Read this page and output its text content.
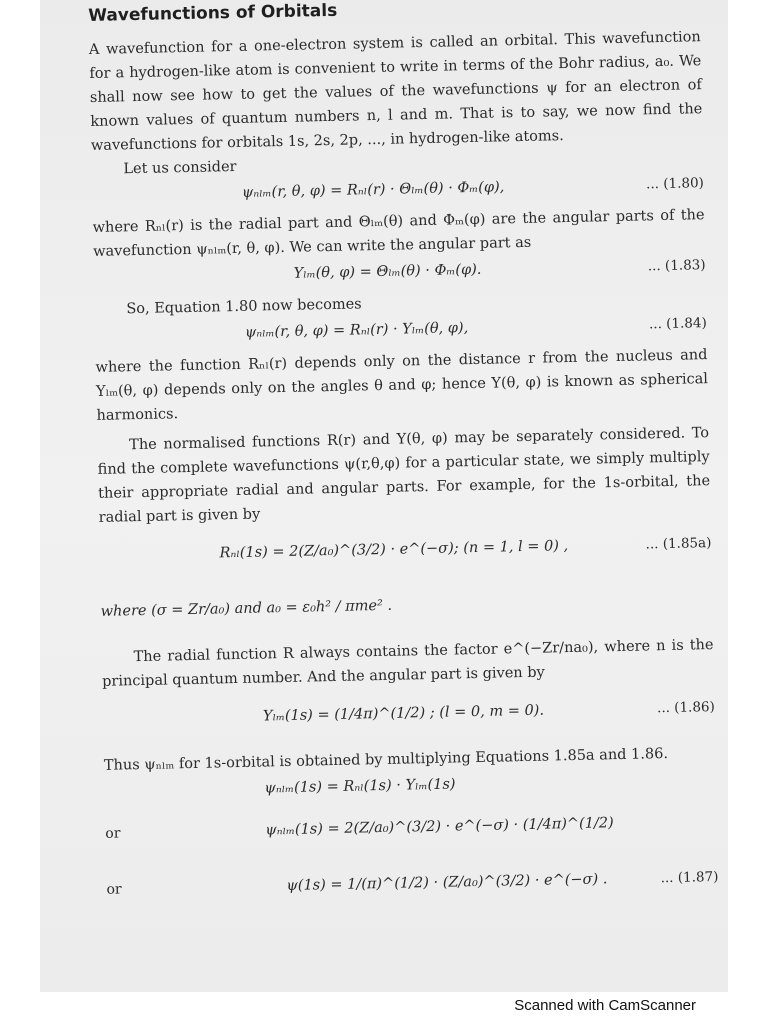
Wavefunctions of Orbitals

A wavefunction for a one-electron system is called an orbital. This wavefunction for a hydrogen-like atom is convenient to write in terms of the Bohr radius, a₀. We shall now see how to get the values of the wavefunctions ψ for an electron of known values of quantum numbers n, l and m. That is to say, we now find the wavefunctions for orbitals 1s, 2s, 2p, ..., in hydrogen-like atoms.

Let us consider

ψₙₗₘ(r, θ, φ) = Rₙₗ(r) · Θₗₘ(θ) · Φₘ(φ),	... (1.80)

where Rₙₗ(r) is the radial part and Θₗₘ(θ) and Φₘ(φ) are the angular parts of the wavefunction ψₙₗₘ(r, θ, φ). We can write the angular part as

Yₗₘ(θ, φ) = Θₗₘ(θ) · Φₘ(φ).	... (1.83)

So, Equation 1.80 now becomes

ψₙₗₘ(r, θ, φ) = Rₙₗ(r) · Yₗₘ(θ, φ),	... (1.84)

where the function Rₙₗ(r) depends only on the distance r from the nucleus and Yₗₘ(θ, φ) depends only on the angles θ and φ; hence Y(θ, φ) is known as spherical harmonics.

The normalised functions R(r) and Y(θ, φ) may be separately considered. To find the complete wavefunctions ψ(r,θ,φ) for a particular state, we simply multiply their appropriate radial and angular parts. For example, for the 1s-orbital, the radial part is given by

Rₙₗ(1s) = 2(Z/a₀)^(3/2) · e^(−σ); (n = 1, l = 0) ,	... (1.85a)
where (σ = Zr/a₀) and a₀ = ε₀h² / πme² .

The radial function R always contains the factor e^(−Zr/na₀), where n is the principal quantum number. And the angular part is given by

Yₗₘ(1s) = (1/4π)^(1/2) ; (l = 0, m = 0).	... (1.86)

Thus ψₙₗₘ for 1s-orbital is obtained by multiplying Equations 1.85a and 1.86.

ψₙₗₘ(1s) = Rₙₗ(1s) · Yₗₘ(1s)
or	ψₙₗₘ(1s) = 2(Z/a₀)^(3/2) · e^(−σ) · (1/4π)^(1/2)
or	ψ(1s) = 1/(π)^(1/2) · (Z/a₀)^(3/2) · e^(−σ) .	... (1.87)
Scanned with CamScanner
